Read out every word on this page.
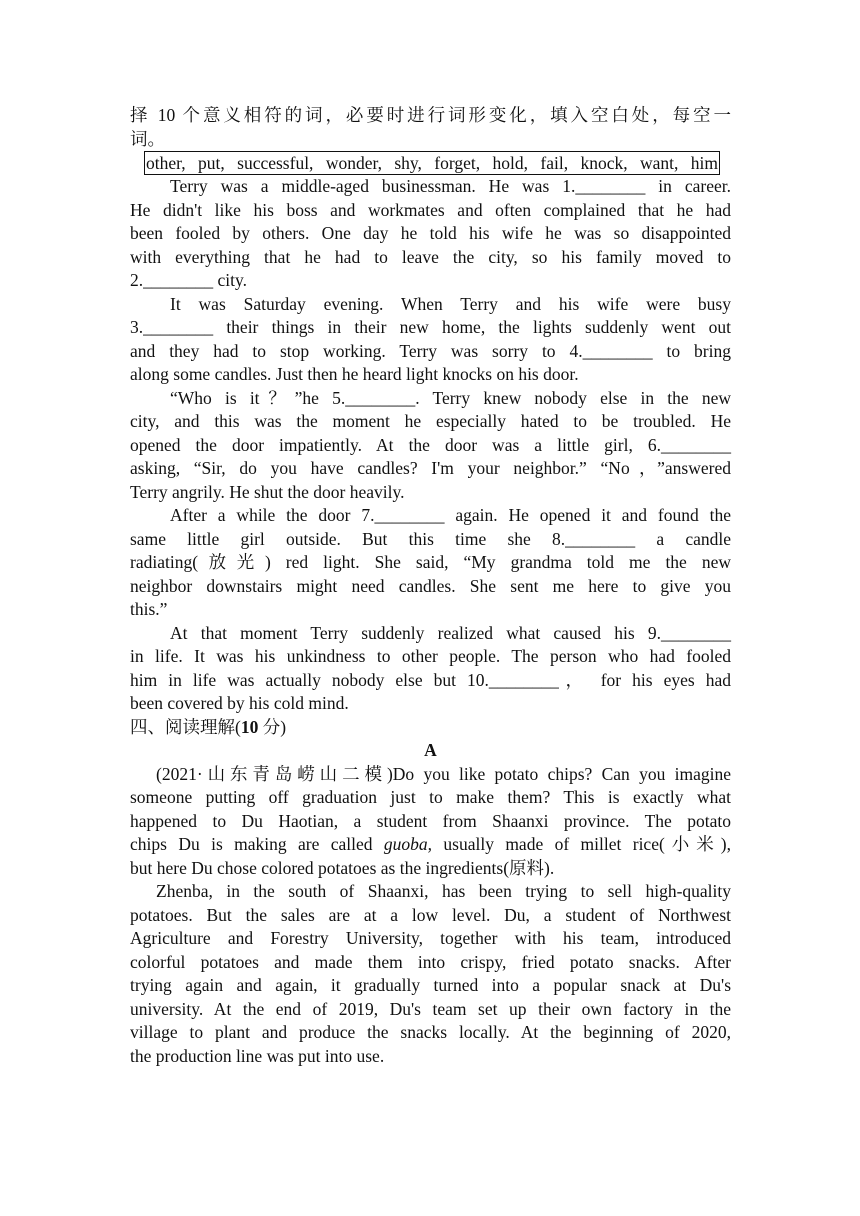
择 10 个意义相符的词，必要时进行词形变化，填入空白处，每空一
词。
other, put, successful, wonder, shy, forget, hold, fail, knock, want, him
Terry was a middle-aged businessman. He was 1.________ in career.
He didn't like his boss and workmates and often complained that he had
been fooled by others. One day he told his wife he was so disappointed
with everything that he had to leave the city, so his family moved to
2.________ city.
It was Saturday evening. When Terry and his wife were busy
3.________ their things in their new home, the lights suddenly went out
and they had to stop working. Terry was sorry to 4.________ to bring
along some candles. Just then he heard light knocks on his door.
“Who is it？”he 5.________. Terry knew nobody else in the new
city, and this was the moment he especially hated to be troubled. He
opened the door impatiently. At the door was a little girl, 6.________
asking, “Sir, do you have candles? I'm your neighbor.” “No，”answered
Terry angrily. He shut the door heavily.
After a while the door 7.________ again. He opened it and found the
same little girl outside. But this time she 8.________ a candle
radiating(放光) red light. She said, “My grandma told me the new
neighbor downstairs might need candles. She sent me here to give you
this.”
At that moment Terry suddenly realized what caused his 9.________
in life. It was his unkindness to other people. The person who had fooled
him in life was actually nobody else but 10.________， for his eyes had
been covered by his cold mind.
四、阅读理解(10 分)
A
(2021·山东青岛崂山二模)Do you like potato chips? Can you imagine
someone putting off graduation just to make them? This is exactly what
happened to Du Haotian, a student from Shaanxi province. The potato
chips Du is making are called guoba, usually made of millet rice(小米),
but here Du chose colored potatoes as the ingredients(原料).
Zhenba, in the south of Shaanxi, has been trying to sell high-quality
potatoes. But the sales are at a low level. Du, a student of Northwest
Agriculture and Forestry University, together with his team, introduced
colorful potatoes and made them into crispy, fried potato snacks. After
trying again and again, it gradually turned into a popular snack at Du's
university. At the end of 2019, Du's team set up their own factory in the
village to plant and produce the snacks locally. At the beginning of 2020,
the production line was put into use.
